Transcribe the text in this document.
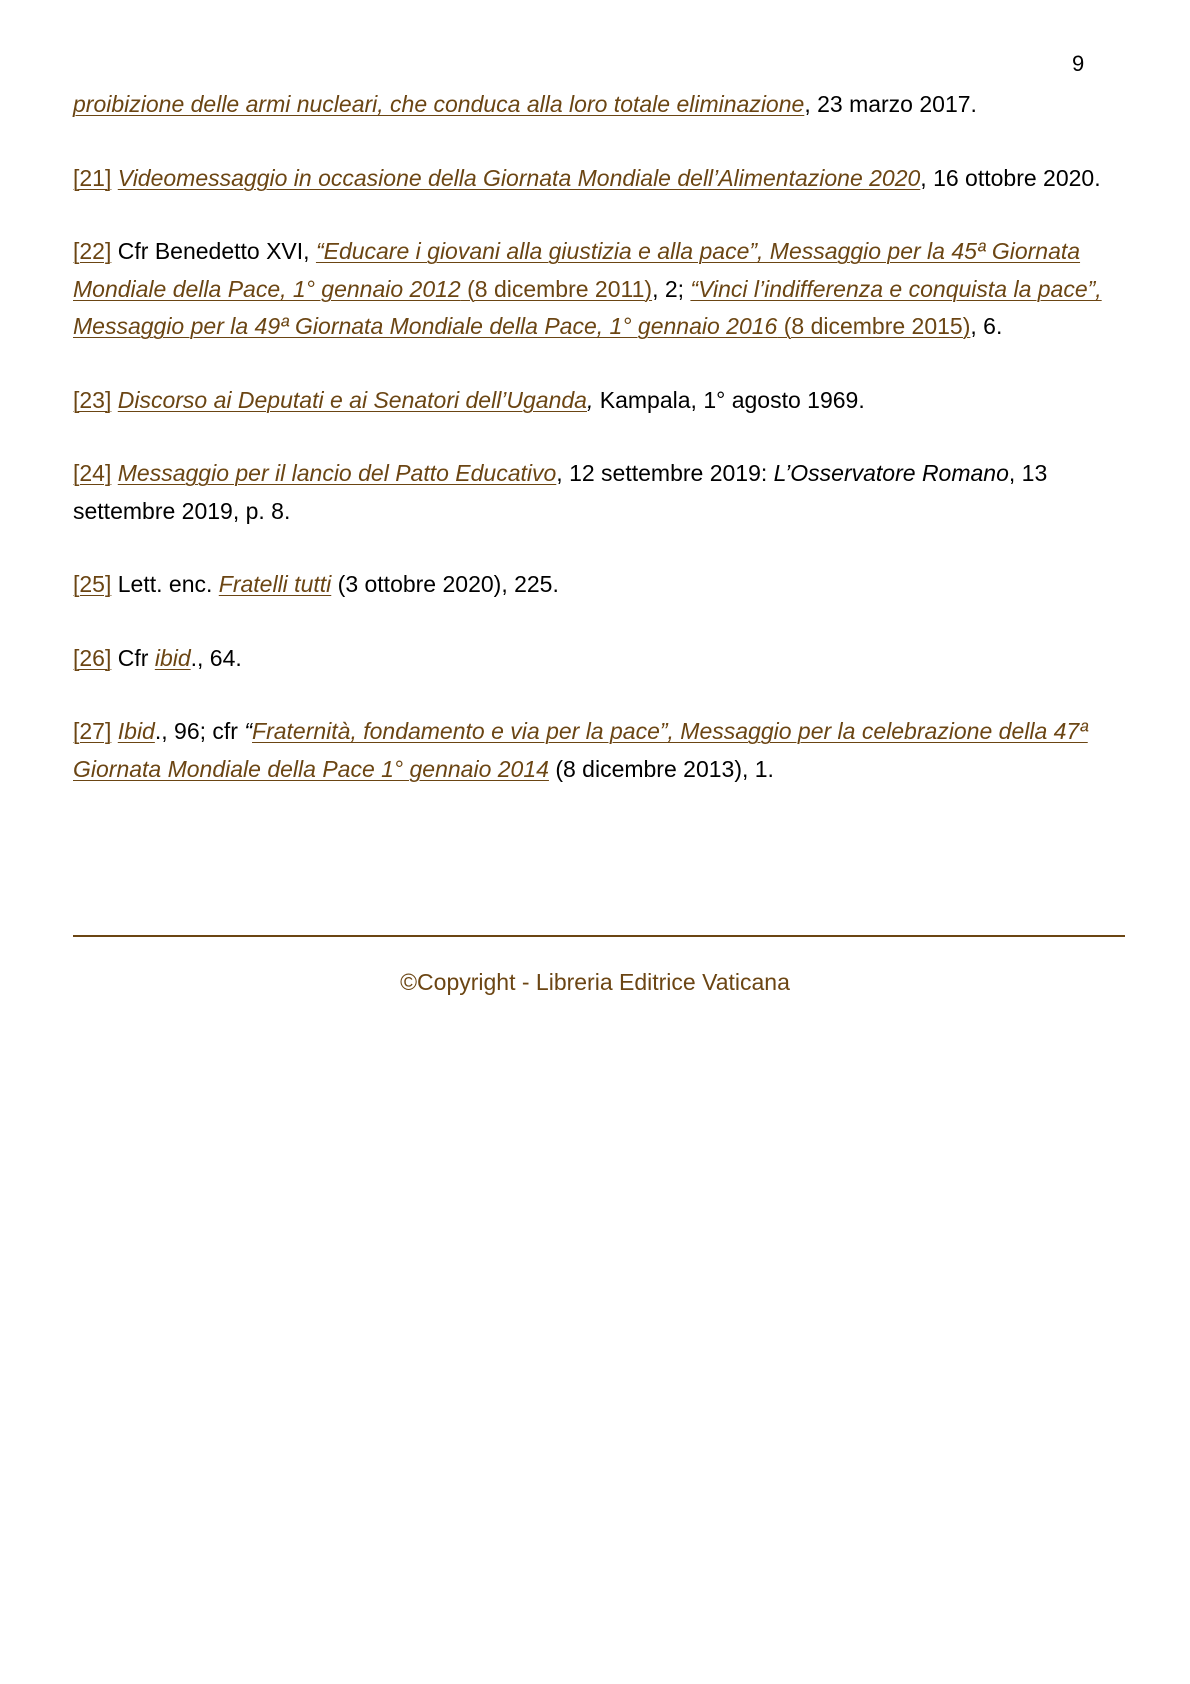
9

proibizione delle armi nucleari, che conduca alla loro totale eliminazione, 23 marzo 2017.

[21] Videomessaggio in occasione della Giornata Mondiale dell’Alimentazione 2020, 16 ottobre 2020.

[22] Cfr Benedetto XVI, “Educare i giovani alla giustizia e alla pace”, Messaggio per la 45ª Giornata Mondiale della Pace, 1° gennaio 2012 (8 dicembre 2011), 2; “Vinci l’indifferenza e conquista la pace”, Messaggio per la 49ª Giornata Mondiale della Pace, 1° gennaio 2016 (8 dicembre 2015), 6.

[23] Discorso ai Deputati e ai Senatori dell’Uganda, Kampala, 1° agosto 1969.

[24] Messaggio per il lancio del Patto Educativo, 12 settembre 2019: L’Osservatore Romano, 13 settembre 2019, p. 8.

[25] Lett. enc. Fratelli tutti (3 ottobre 2020), 225.

[26] Cfr ibid., 64.

[27] Ibid., 96; cfr “Fraternità, fondamento e via per la pace”, Messaggio per la celebrazione della 47ª Giornata Mondiale della Pace 1° gennaio 2014 (8 dicembre 2013), 1.

©Copyright - Libreria Editrice Vaticana
